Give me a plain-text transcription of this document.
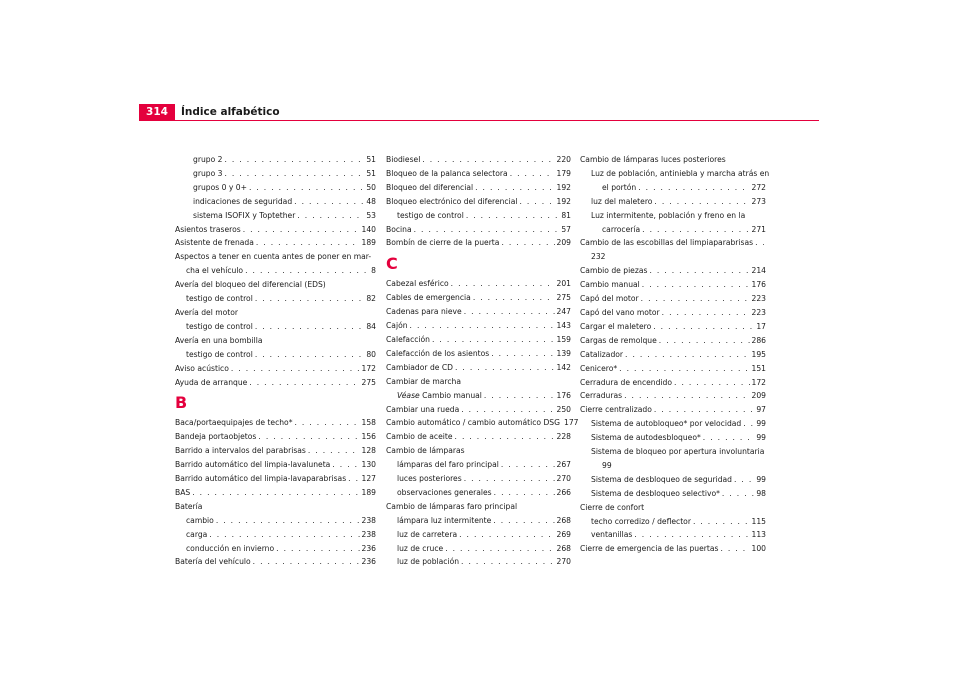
314	Índice alfabético
grupo 2 . . .	51
grupo 3 . . .	51
grupos 0 y 0+ . . .	50
indicaciones de seguridad . . .	48
sistema ISOFIX y Toptether . . .	53
Asientos traseros . . .	140
Asistente de frenada . . .	189
Aspectos a tener en cuenta antes de poner en mar-
cha el vehículo . . .	8
Avería del bloqueo del diferencial (EDS)
testigo de control . . .	82
Avería del motor
testigo de control . . .	84
Avería en una bombilla
testigo de control . . .	80
Aviso acústico . . .	172
Ayuda de arranque . . .	275
B
Baca/portaequipajes de techo* . . .	158
Bandeja portaobjetos . . .	156
Barrido a intervalos del parabrisas . . .	128
Barrido automático del limpia-lavaluneta . . .	130
Barrido automático del limpia-lavaparabrisas . . . 127
BAS . . .	189
Batería
cambio . . .	238
carga . . .	238
conducción en invierno . . .	236
Batería del vehículo . . .	236
Biodiesel . . .	220
Bloqueo de la palanca selectora . . .	179
Bloqueo del diferencial . . .	192
Bloqueo electrónico del diferencial . . .	192
testigo de control . . .	81
Bocina . . .	57
Bombín de cierre de la puerta . . .	209
C
Cabezal esférico . . .	201
Cables de emergencia . . .	275
Cadenas para nieve . . .	247
Cajón . . .	143
Calefacción . . .	159
Calefacción de los asientos . . .	139
Cambiador de CD . . .	142
Cambiar de marcha
Véase Cambio manual . . .	176
Cambiar una rueda . . .	250
Cambio automático / cambio automático DSG 177
Cambio de aceite . . .	228
Cambio de lámparas
lámparas del faro principal . . .	267
luces posteriores . . .	270
observaciones generales . . .	266
Cambio de lámparas faro principal
lámpara luz intermitente . . .	268
luz de carretera . . .	269
luz de cruce . . .	268
luz de población . . .	270
Cambio de lámparas luces posteriores
Luz de población, antiniebla y marcha atrás en
el portón . . .	272
luz del maletero . . .	273
Luz intermitente, población y freno en la
carrocería . . .	271
Cambio de las escobillas del limpiaparabrisas
. . .
232
Cambio de piezas . . .	214
Cambio manual . . .	176
Capó del motor . . .	223
Capó del vano motor . . .	223
Cargar el maletero . . .	17
Cargas de remolque . . .	286
Catalizador . . .	195
Cenicero* . . .	151
Cerradura de encendido . . .	172
Cerraduras . . .	209
Cierre centralizado . . .	97
Sistema de autobloqueo* por velocidad . . . 99
Sistema de autodesbloqueo* . . .	99
Sistema de bloqueo por apertura involuntaria
99
Sistema de desbloqueo de seguridad . . .	99
Sistema de desbloqueo selectivo* . . .	98
Cierre de confort
techo corredizo / deflector . . .	115
ventanillas . . .	113
Cierre de emergencia de las puertas . . .	100
